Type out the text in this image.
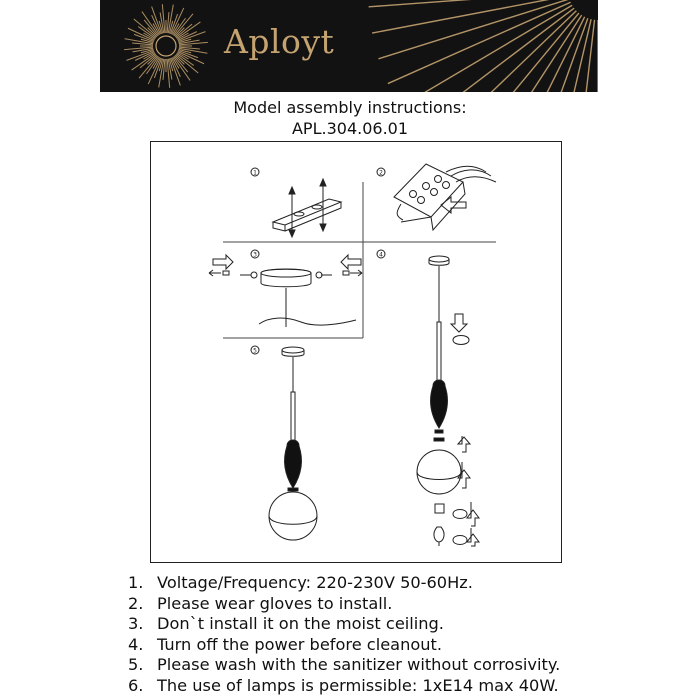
Aployt
Model assembly instructions:
APL.304.06.01
1	2
3	4
5
1. Voltage/Frequency: 220-230V 50-60Hz.
2. Please wear gloves to install.
3. Don`t install it on the moist ceiling.
4. Turn off the power before cleanout.
5. Please wash with the sanitizer without corrosivity.
6. The use of lamps is permissible: 1xE14 max 40W.
